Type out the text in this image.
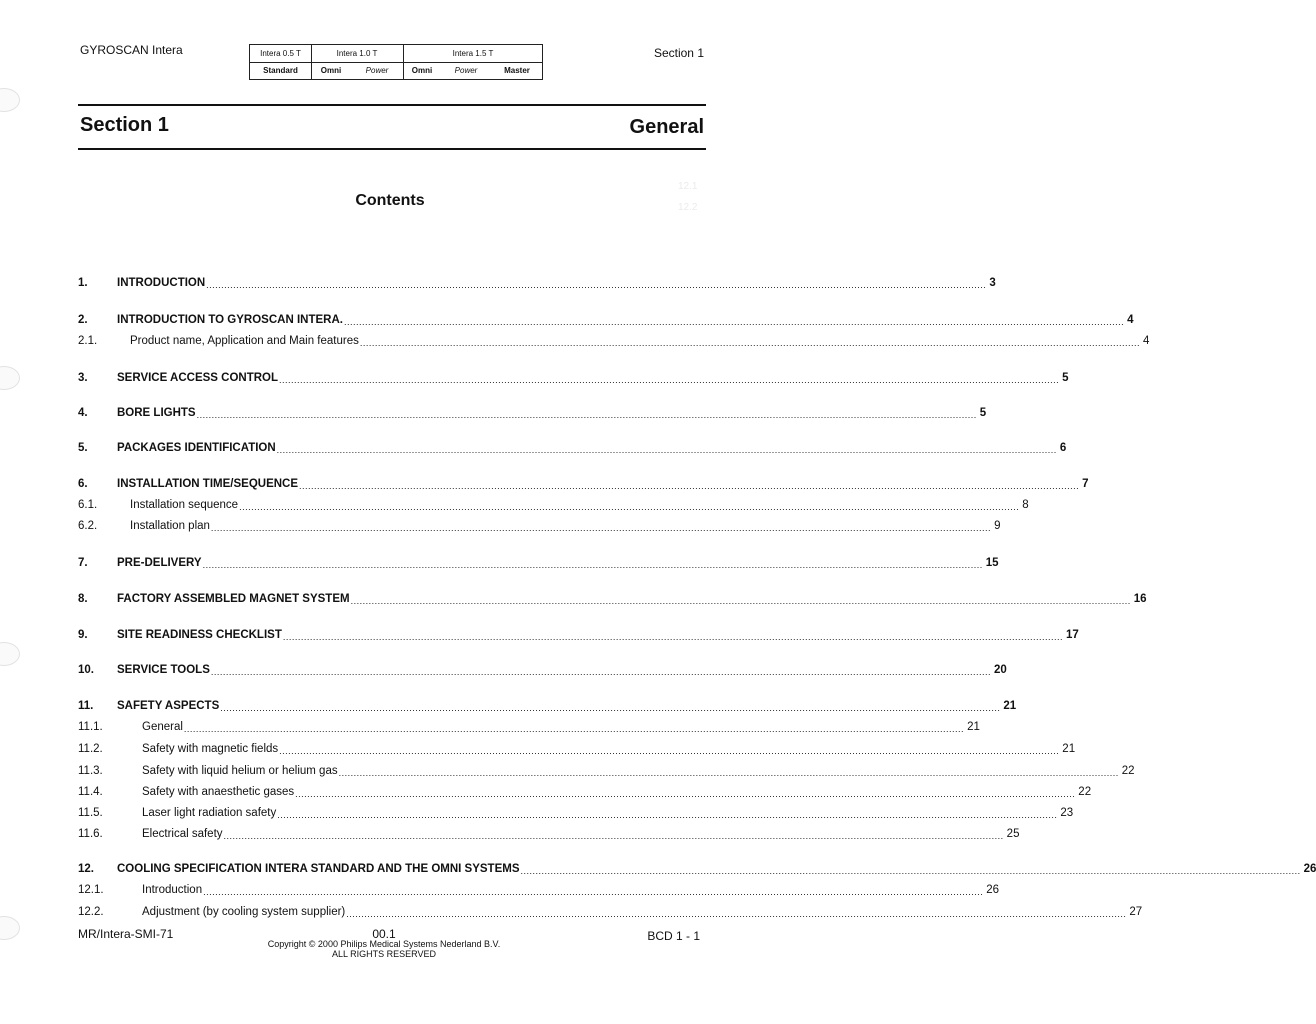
GYROSCAN Intera	Intera 0.5 T	Intera 1.0 T	Intera 1.5 T
Standard	Omni	Power	Omni	Power	Master
Section 1
Section 1	General
12.1
12.2
Contents
1.	INTRODUCTION .................................................................................................................................................................................................................................................................... 3
2.	INTRODUCTION TO GYROSCAN INTERA. .................................................................................................................................................................................................................................................................... 4
2.1.	Product name, Application and Main features .................................................................................................................................................................................................................................................................... 4
3.	SERVICE ACCESS CONTROL .................................................................................................................................................................................................................................................................... 5
4.	BORE LIGHTS .................................................................................................................................................................................................................................................................... 5
5.	PACKAGES IDENTIFICATION .................................................................................................................................................................................................................................................................... 6
6.	INSTALLATION TIME/SEQUENCE .................................................................................................................................................................................................................................................................... 7
6.1.	Installation sequence .................................................................................................................................................................................................................................................................... 8
6.2.	Installation plan .................................................................................................................................................................................................................................................................... 9
7.	PRE-DELIVERY .................................................................................................................................................................................................................................................................... 15
8.	FACTORY ASSEMBLED MAGNET SYSTEM .................................................................................................................................................................................................................................................................... 16
9.	SITE READINESS CHECKLIST .................................................................................................................................................................................................................................................................... 17
10. SERVICE TOOLS .................................................................................................................................................................................................................................................................... 20
11. SAFETY ASPECTS .................................................................................................................................................................................................................................................................... 21
11.1.	General .................................................................................................................................................................................................................................................................... 21
11.2.	Safety with magnetic fields .................................................................................................................................................................................................................................................................... 21
11.3.	Safety with liquid helium or helium gas .................................................................................................................................................................................................................................................................... 22
11.4.	Safety with anaesthetic gases .................................................................................................................................................................................................................................................................... 22
11.5.	Laser light radiation safety .................................................................................................................................................................................................................................................................... 23
11.6.	Electrical safety .................................................................................................................................................................................................................................................................... 25
12. COOLING SPECIFICATION INTERA STANDARD AND THE OMNI SYSTEMS .................................................................................................................................................................................................................................................................... 26
12.1.	Introduction .................................................................................................................................................................................................................................................................... 26
12.2.	Adjustment (by cooling system supplier) .................................................................................................................................................................................................................................................................... 27
MR/Intera-SMI-71	00.1
Copyright © 2000 Philips Medical Systems Nederland B.V.
ALL RIGHTS RESERVED
BCD 1 - 1
